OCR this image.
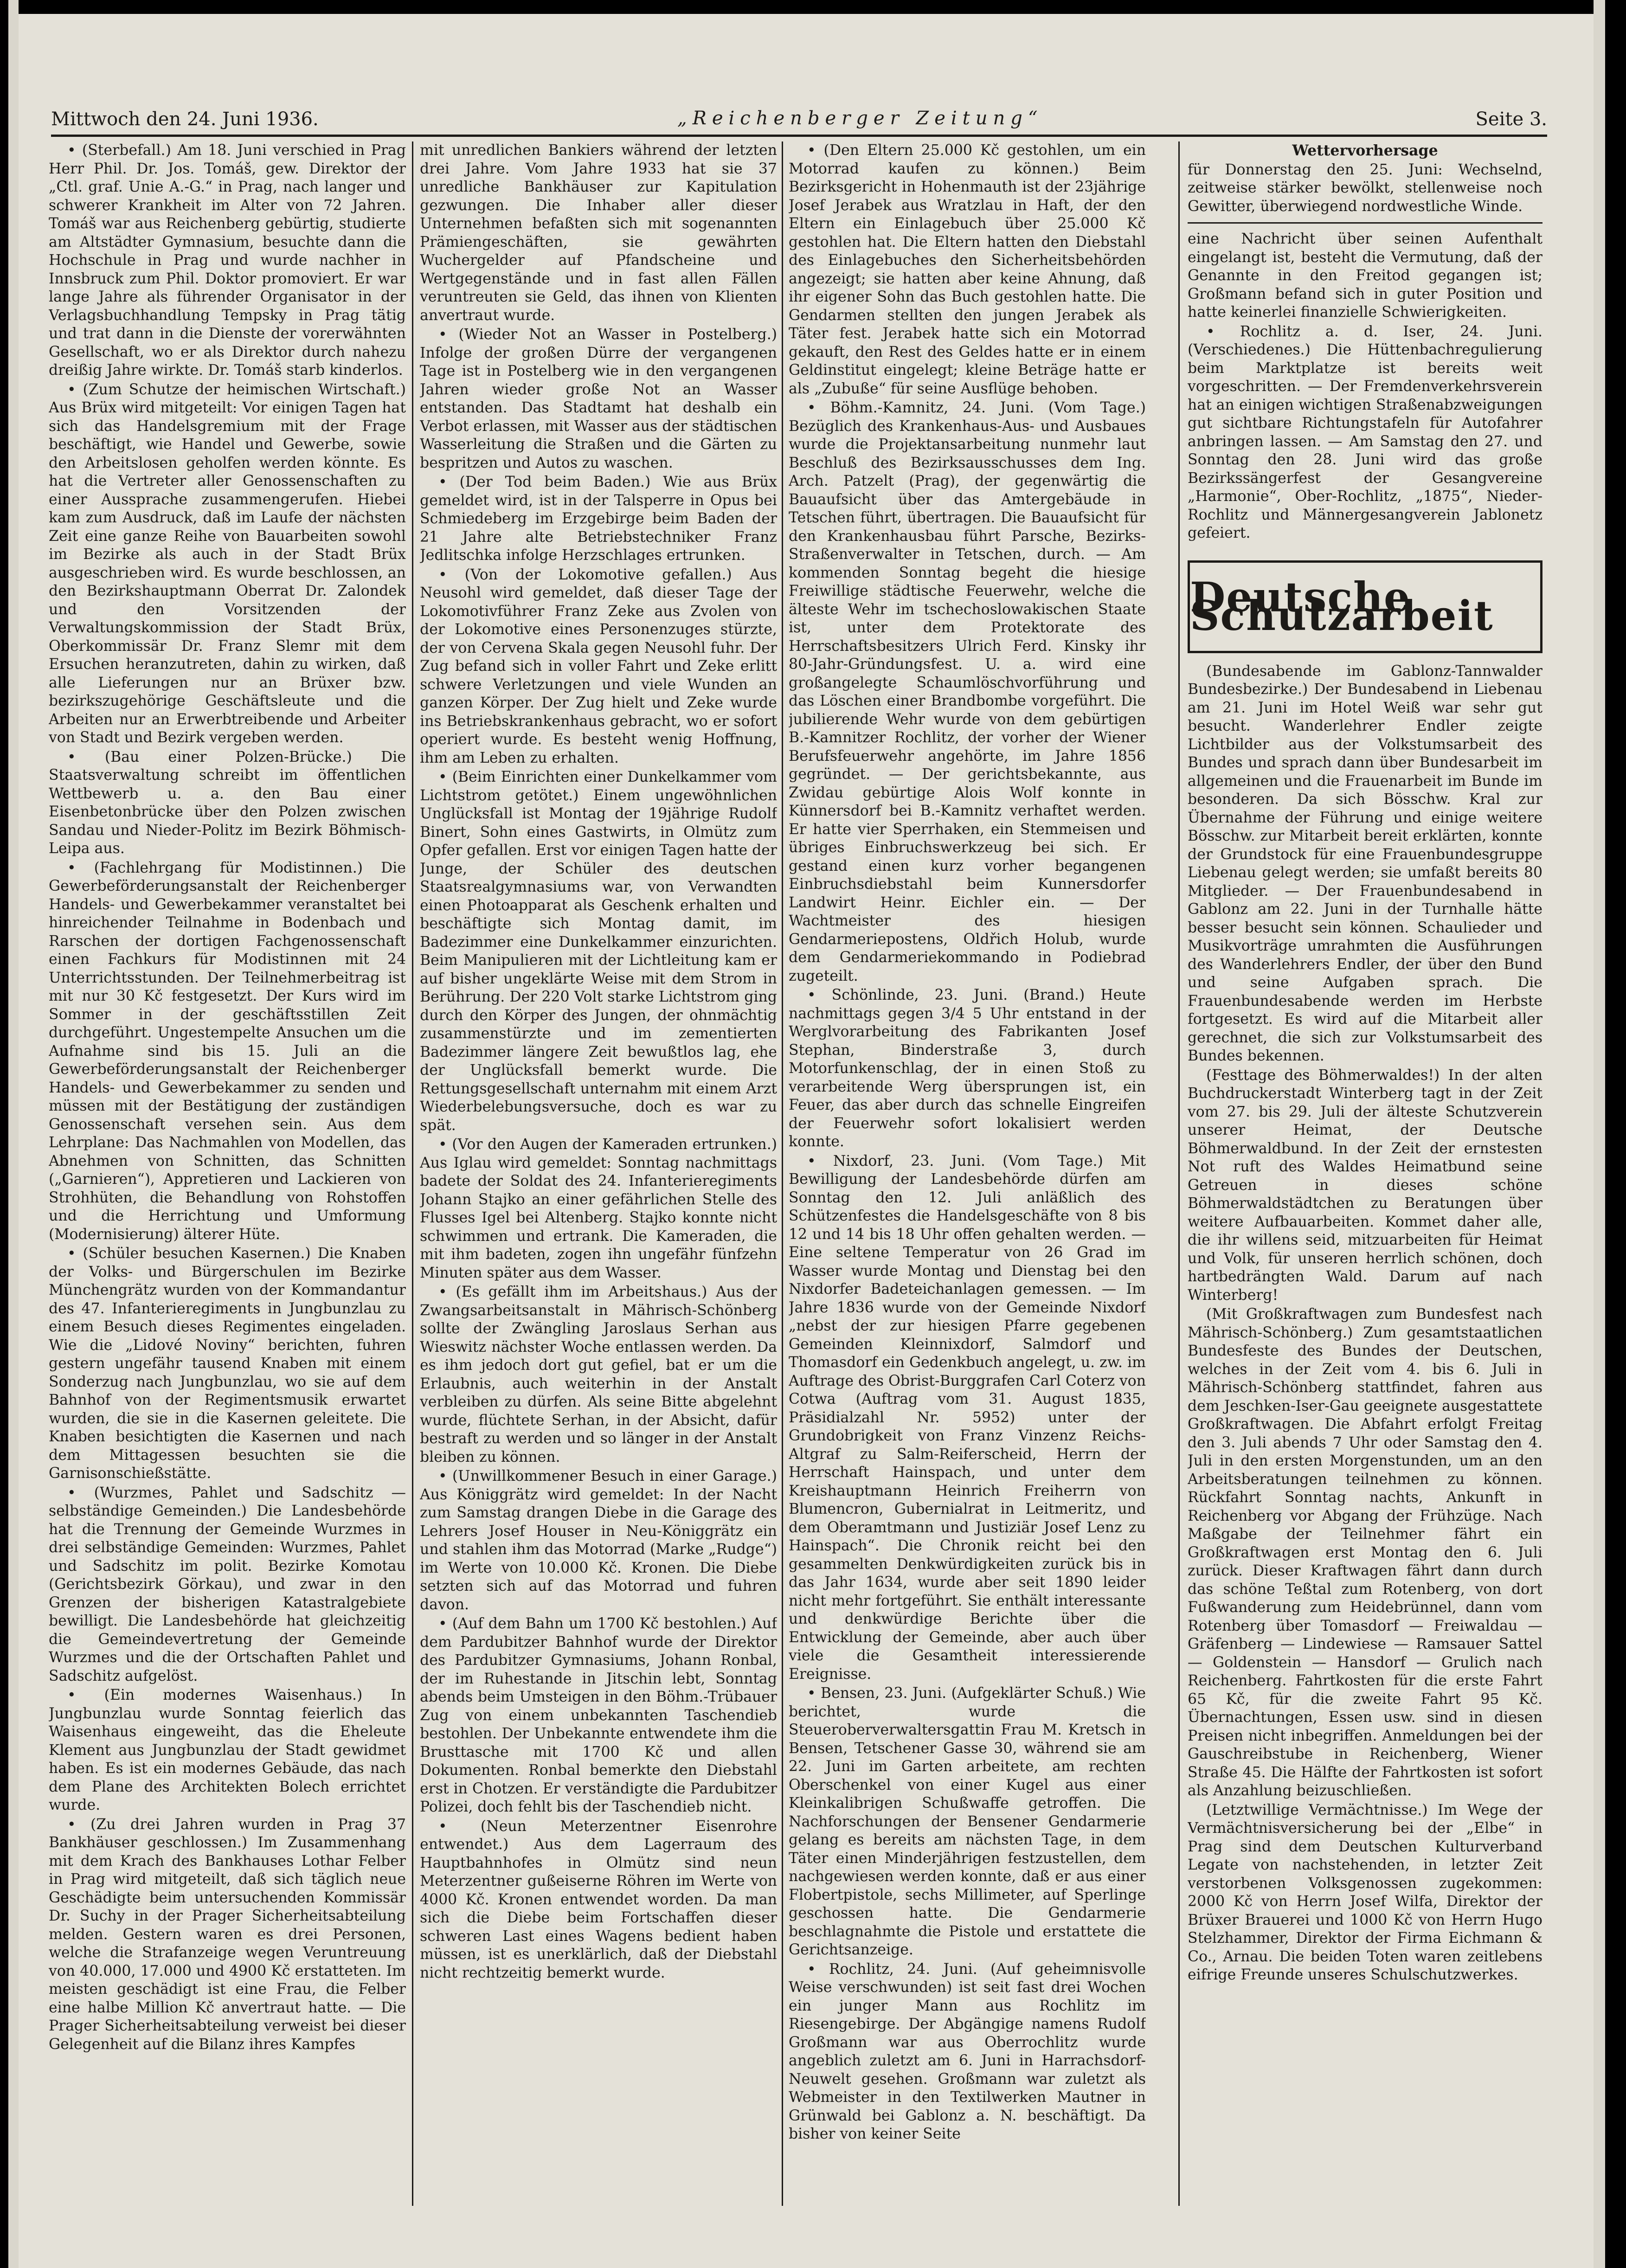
Mittwoch den 24. Juni 1936.	„Reichenberger Zeitung“	Seite 3.

• (Sterbefall.) Am 18. Juni verschied in Prag Herr Phil. Dr. Jos. Tomáš, gew. Direktor der „Ctl. graf. Unie A.-G.“ in Prag, nach langer und schwerer Krankheit im Alter von 72 Jahren. Tomáš war aus Reichenberg gebürtig, studierte am Altstädter Gymnasium, besuchte dann die Hochschule in Prag und wurde nachher in Innsbruck zum Phil. Doktor promoviert. Er war lange Jahre als führender Organisator in der Verlagsbuchhandlung Tempsky in Prag tätig und trat dann in die Dienste der vorerwähnten Gesellschaft, wo er als Direktor durch nahezu dreißig Jahre wirkte. Dr. Tomáš starb kinderlos.

• (Zum Schutze der heimischen Wirtschaft.) Aus Brüx wird mitgeteilt: Vor einigen Tagen hat sich das Handelsgremium mit der Frage beschäftigt, wie Handel und Gewerbe, sowie den Arbeitslosen geholfen werden könnte. Es hat die Vertreter aller Genossenschaften zu einer Aussprache zusammengerufen. Hiebei kam zum Ausdruck, daß im Laufe der nächsten Zeit eine ganze Reihe von Bauarbeiten sowohl im Bezirke als auch in der Stadt Brüx ausgeschrieben wird. Es wurde beschlossen, an den Bezirkshauptmann Oberrat Dr. Zalondek und den Vorsitzenden der Verwaltungskommission der Stadt Brüx, Oberkommissär Dr. Franz Slemr mit dem Ersuchen heranzutreten, dahin zu wirken, daß alle Lieferungen nur an Brüxer bzw. bezirkszugehörige Geschäftsleute und die Arbeiten nur an Erwerbtreibende und Arbeiter von Stadt und Bezirk vergeben werden.

• (Bau einer Polzen-Brücke.) Die Staatsverwaltung schreibt im öffentlichen Wettbewerb u. a. den Bau einer Eisenbetonbrücke über den Polzen zwischen Sandau und Nieder-Politz im Bezirk Böhmisch-Leipa aus.

• (Fachlehrgang für Modistinnen.) Die Gewerbeförderungsanstalt der Reichenberger Handels- und Gewerbekammer veranstaltet bei hinreichender Teilnahme in Bodenbach und Rarschen der dortigen Fachgenossenschaft einen Fachkurs für Modistinnen mit 24 Unterrichtsstunden. Der Teilnehmerbeitrag ist mit nur 30 Kč festgesetzt. Der Kurs wird im Sommer in der geschäftsstillen Zeit durchgeführt. Ungestempelte Ansuchen um die Aufnahme sind bis 15. Juli an die Gewerbeförderungsanstalt der Reichenberger Handels- und Gewerbekammer zu senden und müssen mit der Bestätigung der zuständigen Genossenschaft versehen sein. Aus dem Lehrplane: Das Nachmahlen von Modellen, das Abnehmen von Schnitten, das Schnitten („Garnieren“), Appretieren und Lackieren von Strohhüten, die Behandlung von Rohstoffen und die Herrichtung und Umformung (Modernisierung) älterer Hüte.

• (Schüler besuchen Kasernen.) Die Knaben der Volks- und Bürgerschulen im Bezirke Münchengrätz wurden von der Kommandantur des 47. Infanterieregiments in Jungbunzlau zu einem Besuch dieses Regimentes eingeladen. Wie die „Lidové Noviny“ berichten, fuhren gestern ungefähr tausend Knaben mit einem Sonderzug nach Jungbunzlau, wo sie auf dem Bahnhof von der Regimentsmusik erwartet wurden, die sie in die Kasernen geleitete. Die Knaben besichtigten die Kasernen und nach dem Mittagessen besuchten sie die Garnisonschießstätte.

• (Wurzmes, Pahlet und Sadschitz — selbständige Gemeinden.) Die Landesbehörde hat die Trennung der Gemeinde Wurzmes in drei selbständige Gemeinden: Wurzmes, Pahlet und Sadschitz im polit. Bezirke Komotau (Gerichtsbezirk Görkau), und zwar in den Grenzen der bisherigen Katastralgebiete bewilligt. Die Landesbehörde hat gleichzeitig die Gemeindevertretung der Gemeinde Wurzmes und die der Ortschaften Pahlet und Sadschitz aufgelöst.

• (Ein modernes Waisenhaus.) In Jungbunzlau wurde Sonntag feierlich das Waisenhaus eingeweiht, das die Eheleute Klement aus Jungbunzlau der Stadt gewidmet haben. Es ist ein modernes Gebäude, das nach dem Plane des Architekten Bolech errichtet wurde.

• (Zu drei Jahren wurden in Prag 37 Bankhäuser geschlossen.) Im Zusammenhang mit dem Krach des Bankhauses Lothar Felber in Prag wird mitgeteilt, daß sich täglich neue Geschädigte beim untersuchenden Kommissär Dr. Suchy in der Prager Sicherheitsabteilung melden. Gestern waren es drei Personen, welche die Strafanzeige wegen Veruntreuung von 40.000, 17.000 und 4900 Kč erstatteten. Im meisten geschädigt ist eine Frau, die Felber eine halbe Million Kč anvertraut hatte. — Die Prager Sicherheitsabteilung verweist bei dieser Gelegenheit auf die Bilanz ihres Kampfes

mit unredlichen Bankiers während der letzten drei Jahre. Vom Jahre 1933 hat sie 37 unredliche Bankhäuser zur Kapitulation gezwungen. Die Inhaber aller dieser Unternehmen befaßten sich mit sogenannten Prämiengeschäften, sie gewährten Wuchergelder auf Pfandscheine und Wertgegenstände und in fast allen Fällen veruntreuten sie Geld, das ihnen von Klienten anvertraut wurde.

• (Wieder Not an Wasser in Postelberg.) Infolge der großen Dürre der vergangenen Tage ist in Postelberg wie in den vergangenen Jahren wieder große Not an Wasser entstanden. Das Stadtamt hat deshalb ein Verbot erlassen, mit Wasser aus der städtischen Wasserleitung die Straßen und die Gärten zu bespritzen und Autos zu waschen.

• (Der Tod beim Baden.) Wie aus Brüx gemeldet wird, ist in der Talsperre in Opus bei Schmiedeberg im Erzgebirge beim Baden der 21 Jahre alte Betriebstechniker Franz Jedlitschka infolge Herzschlages ertrunken.

• (Von der Lokomotive gefallen.) Aus Neusohl wird gemeldet, daß dieser Tage der Lokomotivführer Franz Zeke aus Zvolen von der Lokomotive eines Personenzuges stürzte, der von Cervena Skala gegen Neusohl fuhr. Der Zug befand sich in voller Fahrt und Zeke erlitt schwere Verletzungen und viele Wunden an ganzen Körper. Der Zug hielt und Zeke wurde ins Betriebskrankenhaus gebracht, wo er sofort operiert wurde. Es besteht wenig Hoffnung, ihm am Leben zu erhalten.

• (Beim Einrichten einer Dunkelkammer vom Lichtstrom getötet.) Einem ungewöhnlichen Unglücksfall ist Montag der 19jährige Rudolf Binert, Sohn eines Gastwirts, in Olmütz zum Opfer gefallen. Erst vor einigen Tagen hatte der Junge, der Schüler des deutschen Staatsrealgymnasiums war, von Verwandten einen Photoapparat als Geschenk erhalten und beschäftigte sich Montag damit, im Badezimmer eine Dunkelkammer einzurichten. Beim Manipulieren mit der Lichtleitung kam er auf bisher ungeklärte Weise mit dem Strom in Berührung. Der 220 Volt starke Lichtstrom ging durch den Körper des Jungen, der ohnmächtig zusammenstürzte und im zementierten Badezimmer längere Zeit bewußtlos lag, ehe der Unglücksfall bemerkt wurde. Die Rettungsgesellschaft unternahm mit einem Arzt Wiederbelebungsversuche, doch es war zu spät.

• (Vor den Augen der Kameraden ertrunken.) Aus Iglau wird gemeldet: Sonntag nachmittags badete der Soldat des 24. Infanterieregiments Johann Stajko an einer gefährlichen Stelle des Flusses Igel bei Altenberg. Stajko konnte nicht schwimmen und ertrank. Die Kameraden, die mit ihm badeten, zogen ihn ungefähr fünfzehn Minuten später aus dem Wasser.

• (Es gefällt ihm im Arbeitshaus.) Aus der Zwangsarbeitsanstalt in Mährisch-Schönberg sollte der Zwängling Jaroslaus Serhan aus Wieswitz nächster Woche entlassen werden. Da es ihm jedoch dort gut gefiel, bat er um die Erlaubnis, auch weiterhin in der Anstalt verbleiben zu dürfen. Als seine Bitte abgelehnt wurde, flüchtete Serhan, in der Absicht, dafür bestraft zu werden und so länger in der Anstalt bleiben zu können.

• (Unwillkommener Besuch in einer Garage.) Aus Königgrätz wird gemeldet: In der Nacht zum Samstag drangen Diebe in die Garage des Lehrers Josef Houser in Neu-Königgrätz ein und stahlen ihm das Motorrad (Marke „Rudge“) im Werte von 10.000 Kč. Kronen. Die Diebe setzten sich auf das Motorrad und fuhren davon.

• (Auf dem Bahn um 1700 Kč bestohlen.) Auf dem Pardubitzer Bahnhof wurde der Direktor des Pardubitzer Gymnasiums, Johann Ronbal, der im Ruhestande in Jitschin lebt, Sonntag abends beim Umsteigen in den Böhm.-Trübauer Zug von einem unbekannten Taschendieb bestohlen. Der Unbekannte entwendete ihm die Brusttasche mit 1700 Kč und allen Dokumenten. Ronbal bemerkte den Diebstahl erst in Chotzen. Er verständigte die Pardubitzer Polizei, doch fehlt bis der Taschendieb nicht.

• (Neun Meterzentner Eisenrohre entwendet.) Aus dem Lagerraum des Hauptbahnhofes in Olmütz sind neun Meterzentner gußeiserne Röhren im Werte von 4000 Kč. Kronen entwendet worden. Da man sich die Diebe beim Fortschaffen dieser schweren Last eines Wagens bedient haben müssen, ist es unerklärlich, daß der Diebstahl nicht rechtzeitig bemerkt wurde.

• (Den Eltern 25.000 Kč gestohlen, um ein Motorrad kaufen zu können.) Beim Bezirksgericht in Hohenmauth ist der 23jährige Josef Jerabek aus Wratzlau in Haft, der den Eltern ein Einlagebuch über 25.000 Kč gestohlen hat. Die Eltern hatten den Diebstahl des Einlagebuches den Sicherheitsbehörden angezeigt; sie hatten aber keine Ahnung, daß ihr eigener Sohn das Buch gestohlen hatte. Die Gendarmen stellten den jungen Jerabek als Täter fest. Jerabek hatte sich ein Motorrad gekauft, den Rest des Geldes hatte er in einem Geldinstitut eingelegt; kleine Beträge hatte er als „Zubuße“ für seine Ausflüge behoben.

• Böhm.-Kamnitz, 24. Juni. (Vom Tage.) Bezüglich des Krankenhaus-Aus- und Ausbaues wurde die Projektansarbeitung nunmehr laut Beschluß des Bezirksausschusses dem Ing. Arch. Patzelt (Prag), der gegenwärtig die Bauaufsicht über das Amtergebäude in Tetschen führt, übertragen. Die Bauaufsicht für den Krankenhausbau führt Parsche, Bezirks-Straßenverwalter in Tetschen, durch. — Am kommenden Sonntag begeht die hiesige Freiwillige städtische Feuerwehr, welche die älteste Wehr im tschechoslowakischen Staate ist, unter dem Protektorate des Herrschaftsbesitzers Ulrich Ferd. Kinsky ihr 80-Jahr-Gründungsfest. U. a. wird eine großangelegte Schaumlöschvorführung und das Löschen einer Brandbombe vorgeführt. Die jubilierende Wehr wurde von dem gebürtigen B.-Kamnitzer Rochlitz, der vorher der Wiener Berufsfeuerwehr angehörte, im Jahre 1856 gegründet. — Der gerichtsbekannte, aus Zwidau gebürtige Alois Wolf konnte in Künnersdorf bei B.-Kamnitz verhaftet werden. Er hatte vier Sperrhaken, ein Stemmeisen und übriges Einbruchswerkzeug bei sich. Er gestand einen kurz vorher begangenen Einbruchsdiebstahl beim Kunnersdorfer Landwirt Heinr. Eichler ein. — Der Wachtmeister des hiesigen Gendarmeriepostens, Oldřich Holub, wurde dem Gendarmeriekommando in Podiebrad zugeteilt.

• Schönlinde, 23. Juni. (Brand.) Heute nachmittags gegen 3/4 5 Uhr entstand in der Werglvorarbeitung des Fabrikanten Josef Stephan, Binderstraße 3, durch Motorfunkenschlag, der in einen Stoß zu verarbeitende Werg übersprungen ist, ein Feuer, das aber durch das schnelle Eingreifen der Feuerwehr sofort lokalisiert werden konnte.

• Nixdorf, 23. Juni. (Vom Tage.) Mit Bewilligung der Landesbehörde dürfen am Sonntag den 12. Juli anläßlich des Schützenfestes die Handelsgeschäfte von 8 bis 12 und 14 bis 18 Uhr offen gehalten werden. — Eine seltene Temperatur von 26 Grad im Wasser wurde Montag und Dienstag bei den Nixdorfer Badeteichanlagen gemessen. — Im Jahre 1836 wurde von der Gemeinde Nixdorf „nebst der zur hiesigen Pfarre gegebenen Gemeinden Kleinnixdorf, Salmdorf und Thomasdorf ein Gedenkbuch angelegt, u. zw. im Auftrage des Obrist-Burggrafen Carl Coterz von Cotwa (Auftrag vom 31. August 1835, Präsidialzahl Nr. 5952) unter der Grundobrigkeit von Franz Vinzenz Reichs-Altgraf zu Salm-Reiferscheid, Herrn der Herrschaft Hainspach, und unter dem Kreishauptmann Heinrich Freiherrn von Blumencron, Gubernialrat in Leitmeritz, und dem Oberamtmann und Justiziär Josef Lenz zu Hainspach“. Die Chronik reicht bei den gesammelten Denkwürdigkeiten zurück bis in das Jahr 1634, wurde aber seit 1890 leider nicht mehr fortgeführt. Sie enthält interessante und denkwürdige Berichte über die Entwicklung der Gemeinde, aber auch über viele die Gesamtheit interessierende Ereignisse.

• Bensen, 23. Juni. (Aufgeklärter Schuß.) Wie berichtet, wurde die Steueroberverwaltersgattin Frau M. Kretsch in Bensen, Tetschener Gasse 30, während sie am 22. Juni im Garten arbeitete, am rechten Oberschenkel von einer Kugel aus einer Kleinkalibrigen Schußwaffe getroffen. Die Nachforschungen der Bensener Gendarmerie gelang es bereits am nächsten Tage, in dem Täter einen Minderjährigen festzustellen, dem nachgewiesen werden konnte, daß er aus einer Flobertpistole, sechs Millimeter, auf Sperlinge geschossen hatte. Die Gendarmerie beschlagnahmte die Pistole und erstattete die Gerichtsanzeige.

• Rochlitz, 24. Juni. (Auf geheimnisvolle Weise verschwunden) ist seit fast drei Wochen ein junger Mann aus Rochlitz im Riesengebirge. Der Abgängige namens Rudolf Großmann war aus Oberrochlitz wurde angeblich zuletzt am 6. Juni in Harrachsdorf-Neuwelt gesehen. Großmann war zuletzt als Webmeister in den Textilwerken Mautner in Grünwald bei Gablonz a. N. beschäftigt. Da bisher von keiner Seite

Wettervorhersage

für Donnerstag den 25. Juni: Wechselnd, zeitweise stärker bewölkt, stellenweise noch Gewitter, überwiegend nordwestliche Winde.

eine Nachricht über seinen Aufenthalt eingelangt ist, besteht die Vermutung, daß der Genannte in den Freitod gegangen ist; Großmann befand sich in guter Position und hatte keinerlei finanzielle Schwierigkeiten.

• Rochlitz a. d. Iser, 24. Juni. (Verschiedenes.) Die Hüttenbachregulierung beim Marktplatze ist bereits weit vorgeschritten. — Der Fremdenverkehrsverein hat an einigen wichtigen Straßenabzweigungen gut sichtbare Richtungstafeln für Autofahrer anbringen lassen. — Am Samstag den 27. und Sonntag den 28. Juni wird das große Bezirkssängerfest der Gesangvereine „Harmonie“, Ober-Rochlitz, „1875“, Nieder-Rochlitz und Männergesangverein Jablonetz gefeiert.

Deutsche Schutzarbeit

(Bundesabende im Gablonz-Tannwalder Bundesbezirke.) Der Bundesabend in Liebenau am 21. Juni im Hotel Weiß war sehr gut besucht. Wanderlehrer Endler zeigte Lichtbilder aus der Volkstumsarbeit des Bundes und sprach dann über Bundesarbeit im allgemeinen und die Frauenarbeit im Bunde im besonderen. Da sich Bösschw. Kral zur Übernahme der Führung und einige weitere Bösschw. zur Mitarbeit bereit erklärten, konnte der Grundstock für eine Frauenbundesgruppe Liebenau gelegt werden; sie umfaßt bereits 80 Mitglieder. — Der Frauenbundesabend in Gablonz am 22. Juni in der Turnhalle hätte besser besucht sein können. Schaulieder und Musikvorträge umrahmten die Ausführungen des Wanderlehrers Endler, der über den Bund und seine Aufgaben sprach. Die Frauenbundesabende werden im Herbste fortgesetzt. Es wird auf die Mitarbeit aller gerechnet, die sich zur Volkstumsarbeit des Bundes bekennen.

(Festtage des Böhmerwaldes!) In der alten Buchdruckerstadt Winterberg tagt in der Zeit vom 27. bis 29. Juli der älteste Schutzverein unserer Heimat, der Deutsche Böhmerwaldbund. In der Zeit der ernstesten Not ruft des Waldes Heimatbund seine Getreuen in dieses schöne Böhmerwaldstädtchen zu Beratungen über weitere Aufbauarbeiten. Kommet daher alle, die ihr willens seid, mitzuarbeiten für Heimat und Volk, für unseren herrlich schönen, doch hartbedrängten Wald. Darum auf nach Winterberg!

(Mit Großkraftwagen zum Bundesfest nach Mährisch-Schönberg.) Zum gesamtstaatlichen Bundesfeste des Bundes der Deutschen, welches in der Zeit vom 4. bis 6. Juli in Mährisch-Schönberg stattfindet, fahren aus dem Jeschken-Iser-Gau geeignete ausgestattete Großkraftwagen. Die Abfahrt erfolgt Freitag den 3. Juli abends 7 Uhr oder Samstag den 4. Juli in den ersten Morgenstunden, um an den Arbeitsberatungen teilnehmen zu können. Rückfahrt Sonntag nachts, Ankunft in Reichenberg vor Abgang der Frühzüge. Nach Maßgabe der Teilnehmer fährt ein Großkraftwagen erst Montag den 6. Juli zurück. Dieser Kraftwagen fährt dann durch das schöne Teßtal zum Rotenberg, von dort Fußwanderung zum Heidebrünnel, dann vom Rotenberg über Tomasdorf — Freiwaldau — Gräfenberg — Lindewiese — Ramsauer Sattel — Goldenstein — Hansdorf — Grulich nach Reichenberg. Fahrtkosten für die erste Fahrt 65 Kč, für die zweite Fahrt 95 Kč. Übernachtungen, Essen usw. sind in diesen Preisen nicht inbegriffen. Anmeldungen bei der Gauschreibstube in Reichenberg, Wiener Straße 45. Die Hälfte der Fahrtkosten ist sofort als Anzahlung beizuschließen.

(Letztwillige Vermächtnisse.) Im Wege der Vermächtnisversicherung bei der „Elbe“ in Prag sind dem Deutschen Kulturverband Legate von nachstehenden, in letzter Zeit verstorbenen Volksgenossen zugekommen: 2000 Kč von Herrn Josef Wilfa, Direktor der Brüxer Brauerei und 1000 Kč von Herrn Hugo Stelzhammer, Direktor der Firma Eichmann & Co., Arnau. Die beiden Toten waren zeitlebens eifrige Freunde unseres Schulschutzwerkes.
